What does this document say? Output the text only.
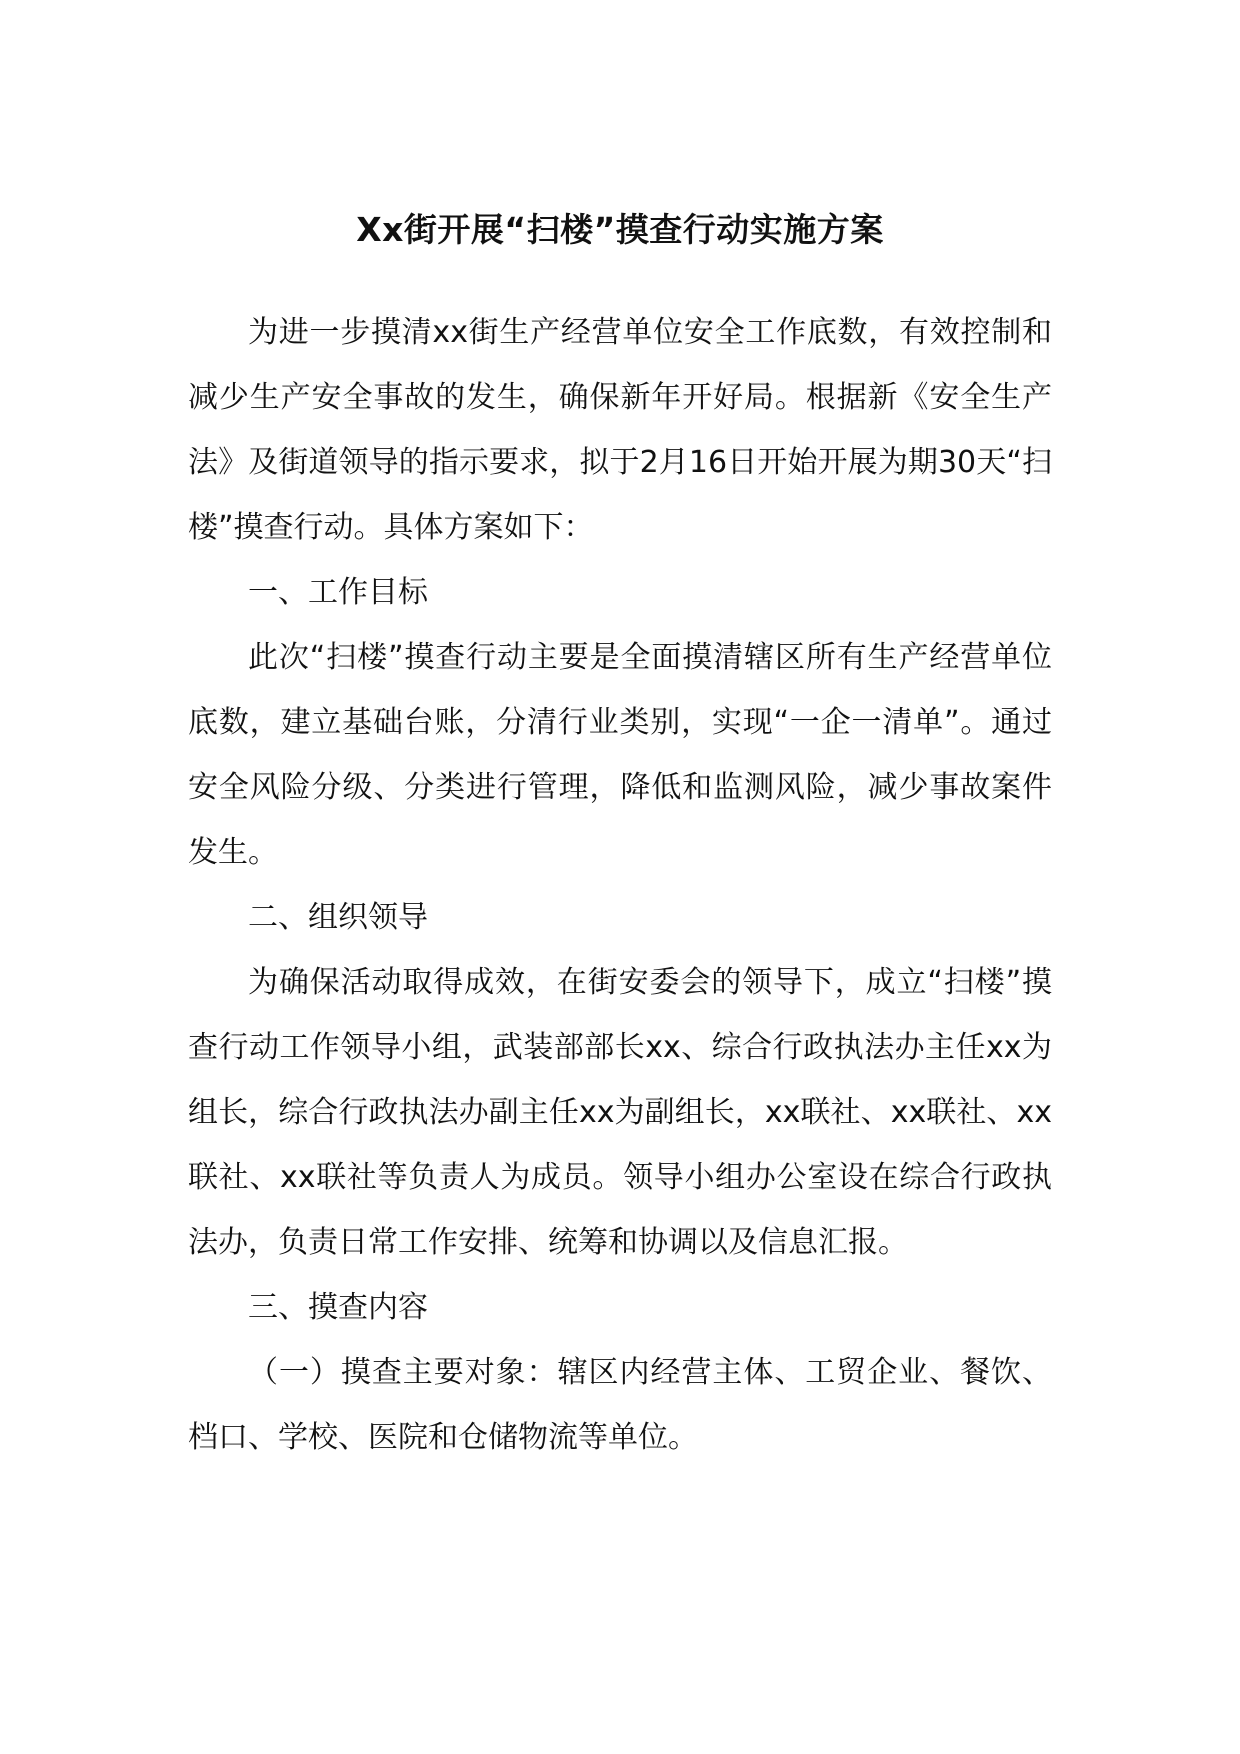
Xx街开展“扫楼”摸查行动实施方案

为进一步摸清xx街生产经营单位安全工作底数，有效控制和减少生产安全事故的发生，确保新年开好局。根据新《安全生产法》及街道领导的指示要求，拟于2月16日开始开展为期30天“扫楼”摸查行动。具体方案如下：

一、工作目标

此次“扫楼”摸查行动主要是全面摸清辖区所有生产经营单位底数，建立基础台账，分清行业类别，实现“一企一清单”。通过安全风险分级、分类进行管理，降低和监测风险，减少事故案件发生。

二、组织领导

为确保活动取得成效，在街安委会的领导下，成立“扫楼”摸查行动工作领导小组，武装部部长xx、综合行政执法办主任xx为组长，综合行政执法办副主任xx为副组长，xx联社、xx联社、xx联社、xx联社等负责人为成员。领导小组办公室设在综合行政执法办，负责日常工作安排、统筹和协调以及信息汇报。

三、摸查内容

（一）摸查主要对象：辖区内经营主体、工贸企业、餐饮、档口、学校、医院和仓储物流等单位。
